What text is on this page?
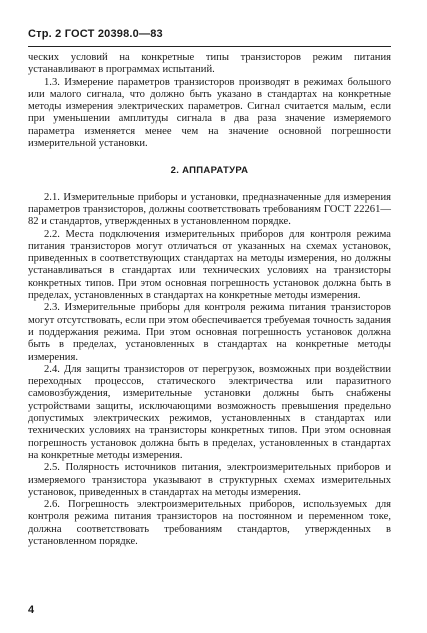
Стр. 2 ГОСТ 20398.0—83

ческих условий на конкретные типы транзисторов режим питания устанавливают в программах испытаний.

1.3. Измерение параметров транзисторов производят в режимах большого или малого сигнала, что должно быть указано в стандартах на конкретные методы измерения электрических параметров. Сигнал считается малым, если при уменьшении амплитуды сигнала в два раза значение измеряемого параметра изменяется менее чем на значение основной погрешности измерительной установки.

2. АППАРАТУРА

2.1. Измерительные приборы и установки, предназначенные для измерения параметров транзисторов, должны соответствовать требованиям ГОСТ 22261—82 и стандартов, утвержденных в установленном порядке.

2.2. Места подключения измерительных приборов для контроля режима питания транзисторов могут отличаться от указанных на схемах установок, приведенных в соответствующих стандартах на методы измерения, но должны устанавливаться в стандартах или технических условиях на транзисторы конкретных типов. При этом основная погрешность установок должна быть в пределах, установленных в стандартах на конкретные методы измерения.

2.3. Измерительные приборы для контроля режима питания транзисторов могут отсутствовать, если при этом обеспечивается требуемая точность задания и поддержания режима. При этом основная погрешность установок должна быть в пределах, установленных в стандартах на конкретные методы измерения.

2.4. Для защиты транзисторов от перегрузок, возможных при воздействии переходных процессов, статического электричества или паразитного самовозбуждения, измерительные установки должны быть снабжены устройствами защиты, исключающими возможность превышения предельно допустимых электрических режимов, установленных в стандартах или технических условиях на транзисторы конкретных типов. При этом основная погрешность установок должна быть в пределах, установленных в стандартах на конкретные методы измерения.

2.5. Полярность источников питания, электроизмерительных приборов и измеряемого транзистора указывают в структурных схемах измерительных установок, приведенных в стандартах на методы измерения.

2.6. Погрешность электроизмерительных приборов, используемых для контроля режима питания транзисторов на постоянном и переменном токе, должна соответствовать требованиям стандартов, утвержденных в установленном порядке.

4
